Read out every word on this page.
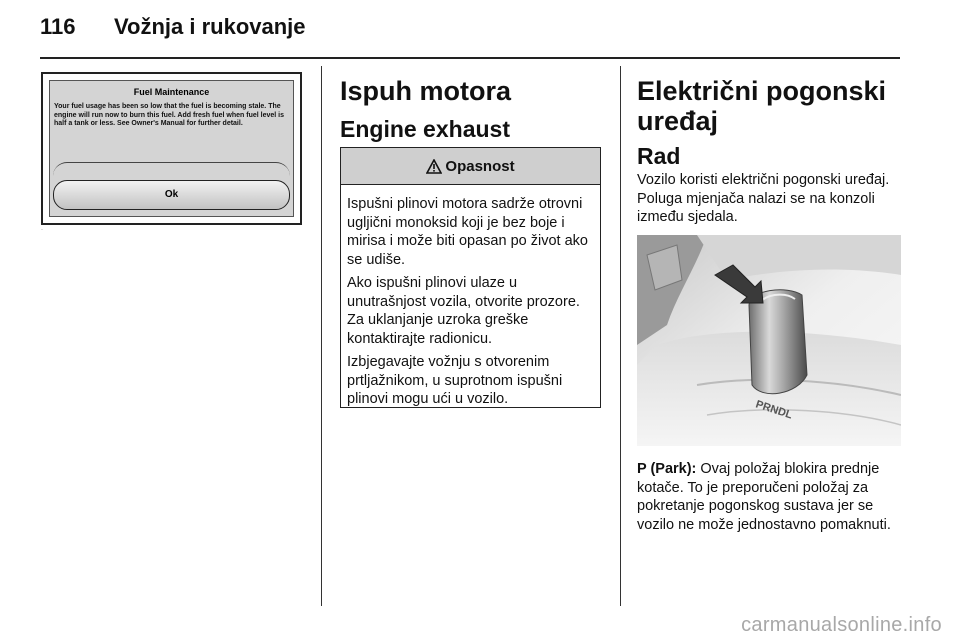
116	Vožnja i rukovanje
Fuel Maintenance
Your fuel usage has been so low that the fuel is becoming stale. The engine will run now to burn this fuel. Add fresh fuel when fuel level is half a tank or less. See Owner's Manual for further detail.
Ok
·
Ispuh motora
Engine exhaust
Opasnost

Ispušni plinovi motora sadrže otrovni ugljični monoksid koji je bez boje i mirisa i može biti opasan po život ako se udiše.

Ako ispušni plinovi ulaze u unutrašnjost vozila, otvorite prozore. Za uklanjanje uzroka greške kontaktirajte radionicu.

Izbjegavajte vožnju s otvorenim prtljažnikom, u suprotnom ispušni plinovi mogu ući u vozilo.

Električni pogonski
uređaj
Rad
Vozilo koristi električni pogonski uređaj. Poluga mjenjača nalazi se na konzoli između sjedala.
PRNDL
P (Park): Ovaj položaj blokira prednje kotače. To je preporučeni položaj za pokretanje pogonskog sustava jer se vozilo ne može jednostavno pomaknuti.
carmanualsonline.info
